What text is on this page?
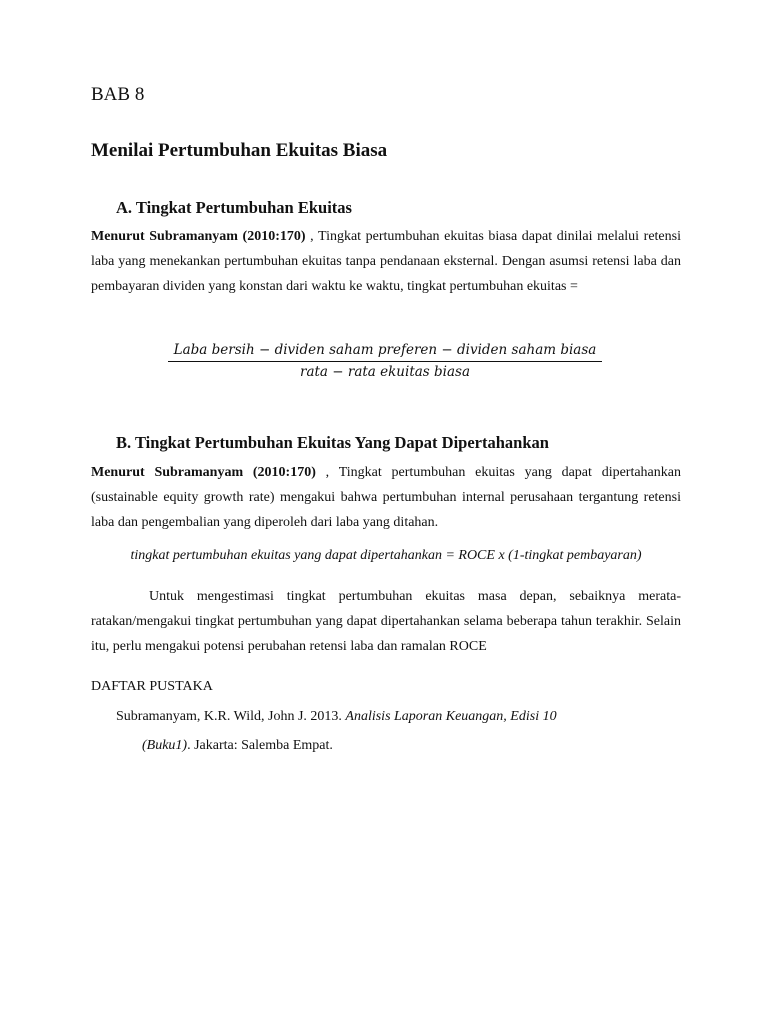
BAB 8
Menilai Pertumbuhan Ekuitas Biasa
A. Tingkat Pertumbuhan Ekuitas
Menurut Subramanyam (2010:170) , Tingkat pertumbuhan ekuitas biasa dapat dinilai melalui retensi laba yang menekankan pertumbuhan ekuitas tanpa pendanaan eksternal. Dengan asumsi retensi laba dan pembayaran dividen yang konstan dari waktu ke waktu, tingkat pertumbuhan ekuitas =
Laba bersih − dividen saham preferen − dividen saham biasa
rata − rata ekuitas biasa
B. Tingkat Pertumbuhan Ekuitas Yang Dapat Dipertahankan
Menurut Subramanyam (2010:170) , Tingkat pertumbuhan ekuitas yang dapat dipertahankan (sustainable equity growth rate) mengakui bahwa pertumbuhan internal perusahaan tergantung retensi laba dan pengembalian yang diperoleh dari laba yang ditahan.
tingkat pertumbuhan ekuitas yang dapat dipertahankan = ROCE x (1-tingkat pembayaran)
Untuk mengestimasi tingkat pertumbuhan ekuitas masa depan, sebaiknya merata-ratakan/mengakui tingkat pertumbuhan yang dapat dipertahankan selama beberapa tahun terakhir. Selain itu, perlu mengakui potensi perubahan retensi laba dan ramalan ROCE
DAFTAR PUSTAKA
Subramanyam, K.R. Wild, John J. 2013. Analisis Laporan Keuangan, Edisi 10
(Buku1). Jakarta: Salemba Empat.
